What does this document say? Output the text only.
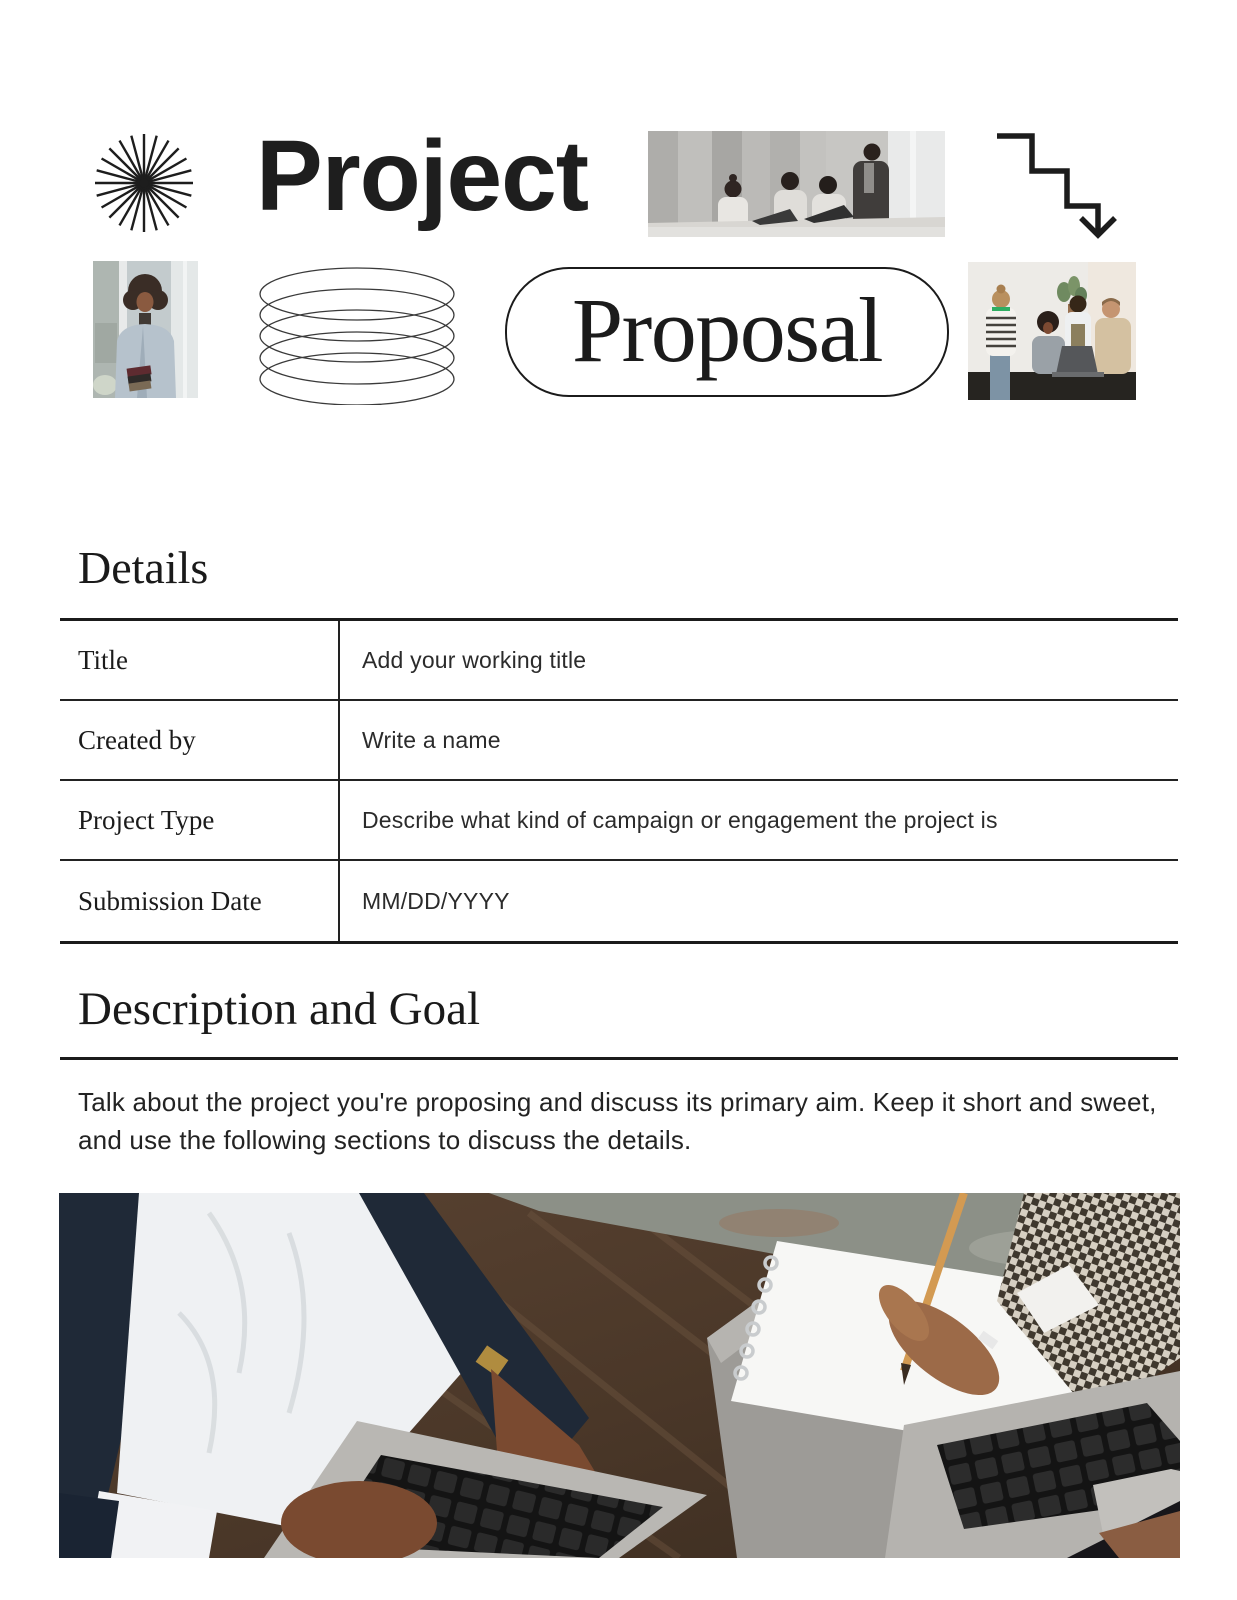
Project
Proposal
Details
Title	Add your working title
Created by	Write a name
Project Type	Describe what kind of campaign or engagement the project is
Submission Date	MM/DD/YYYY
Description and Goal

Talk about the project you're proposing and discuss its primary aim. Keep it short and sweet, and use the following sections to discuss the details.
